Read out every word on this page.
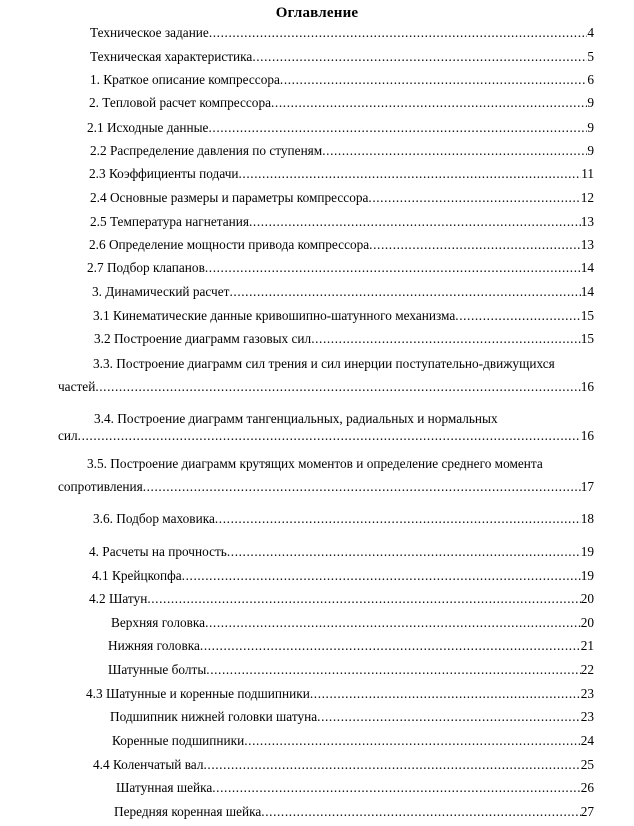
Оглавление
Техническое задание .....	4
Техническая характеристика .....	5
1. Краткое описание компрессора .....	6
2. Тепловой расчет компрессора .....	9
2.1 Исходные данные .....	9
2.2 Распределение давления по ступеням .....	9
2.3 Коэффициенты подачи .....	11
2.4 Основные размеры и параметры компрессора .....	12
2.5 Температура нагнетания .....	13
2.6 Определение мощности привода компрессора .....	13
2.7 Подбор клапанов .....	14
3. Динамический расчет .....	14
3.1 Кинематические данные кривошипно-шатунного механизма .....	15
3.2 Построение диаграмм газовых сил .....	15
3.3. Построение диаграмм сил трения и сил инерции поступательно-движущихся
частей .....	16
3.4. Построение диаграмм тангенциальных, радиальных и нормальных
сил .....	16
3.5. Построение диаграмм крутящих моментов и определение среднего момента
сопротивления .....	17
3.6. Подбор маховика .....	18
4. Расчеты на прочность .....	19
4.1 Крейцкопфа .....	19
4.2 Шатун .....	20
Верхняя головка .....	20
Нижняя головка .....	21
Шатунные болты .....	22
4.3 Шатунные и коренные подшипники .....	23
Подшипник нижней головки шатуна .....	23
Коренные подшипники .....	24
4.4 Коленчатый вал .....	25
Шатунная шейка .....	26
Передняя коренная шейка .....	27
